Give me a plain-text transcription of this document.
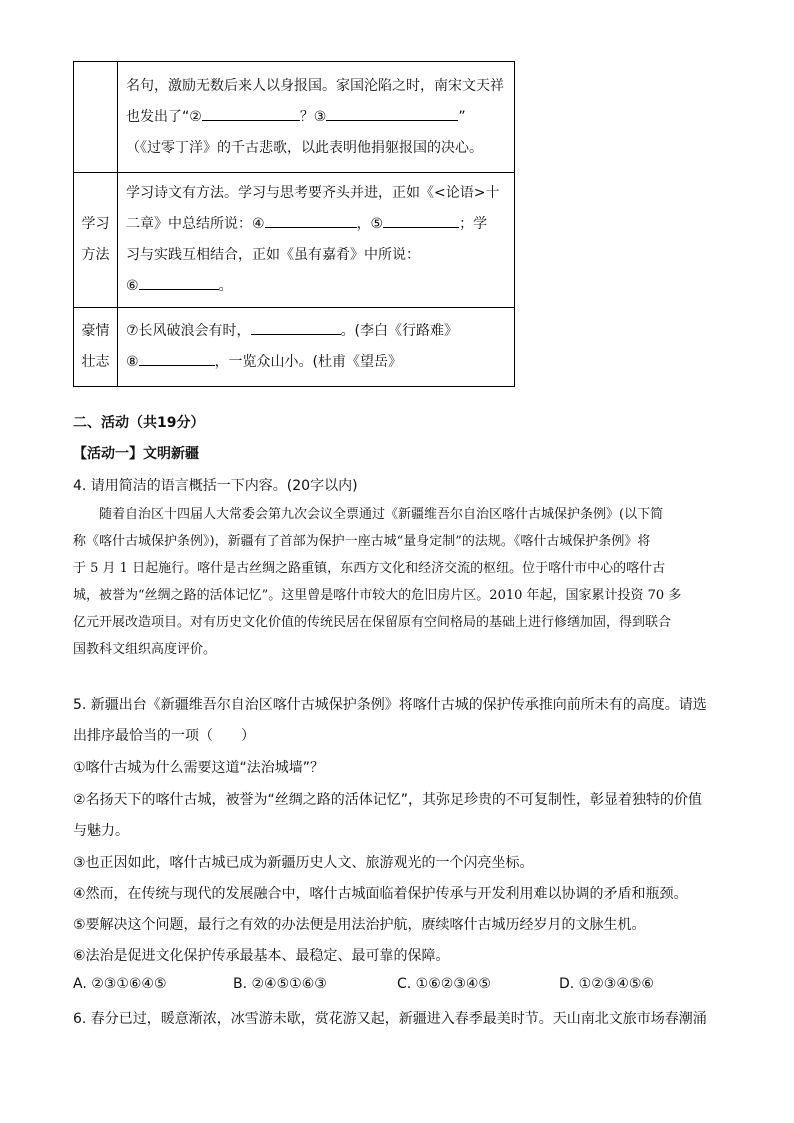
	名句，激励无数后来人以身报国。家国沦陷之时，南宋文天祥
也发出了“② ？③ ”
（《过零丁洋》的千古悲歌，以此表明他捐躯报国的决心。

学习
方法	学习诗文有方法。学习与思考要齐头并进，正如《<论语>十
二章》中总结所说：④ ，⑤ ；学
习与实践互相结合，正如《虽有嘉肴》中所说：
⑥ 。

豪情
壮志	⑦长风破浪会有时， 。(李白《行路难》
⑧ ，一览众山小。(杜甫《望岳》
二、活动（共19分）
【活动一】文明新疆
4. 请用简洁的语言概括一下内容。(20字以内)
随着自治区十四届人大常委会第九次会议全票通过《新疆维吾尔自治区喀什古城保护条例》(以下简
称《喀什古城保护条例》)，新疆有了首部为保护一座古城“量身定制”的法规。《喀什古城保护条例》将
于 5 月 1 日起施行。喀什是古丝绸之路重镇，东西方文化和经济交流的枢纽。位于喀什市中心的喀什古
城，被誉为“丝绸之路的活体记忆”。这里曾是喀什市较大的危旧房片区。2010 年起，国家累计投资 70 多
亿元开展改造项目。对有历史文化价值的传统民居在保留原有空间格局的基础上进行修缮加固，得到联合
国教科文组织高度评价。
5. 新疆出台《新疆维吾尔自治区喀什古城保护条例》将喀什古城的保护传承推向前所未有的高度。请选
出排序最恰当的一项（　　）
①喀什古城为什么需要这道“法治城墙”？
②名扬天下的喀什古城，被誉为“丝绸之路的活体记忆”，其弥足珍贵的不可复制性，彰显着独特的价值
与魅力。
③也正因如此，喀什古城已成为新疆历史人文、旅游观光的一个闪亮坐标。
④然而，在传统与现代的发展融合中，喀什古城面临着保护传承与开发利用难以协调的矛盾和瓶颈。
⑤要解决这个问题，最行之有效的办法便是用法治护航，赓续喀什古城历经岁月的文脉生机。
⑥法治是促进文化保护传承最基本、最稳定、最可靠的保障。
A. ②③①⑥④⑤	B. ②④⑤①⑥③	C. ①⑥②③④⑤	D. ①②③④⑤⑥
6. 春分已过，暖意渐浓，冰雪游未歇，赏花游又起，新疆进入春季最美时节。天山南北文旅市场春潮涌
